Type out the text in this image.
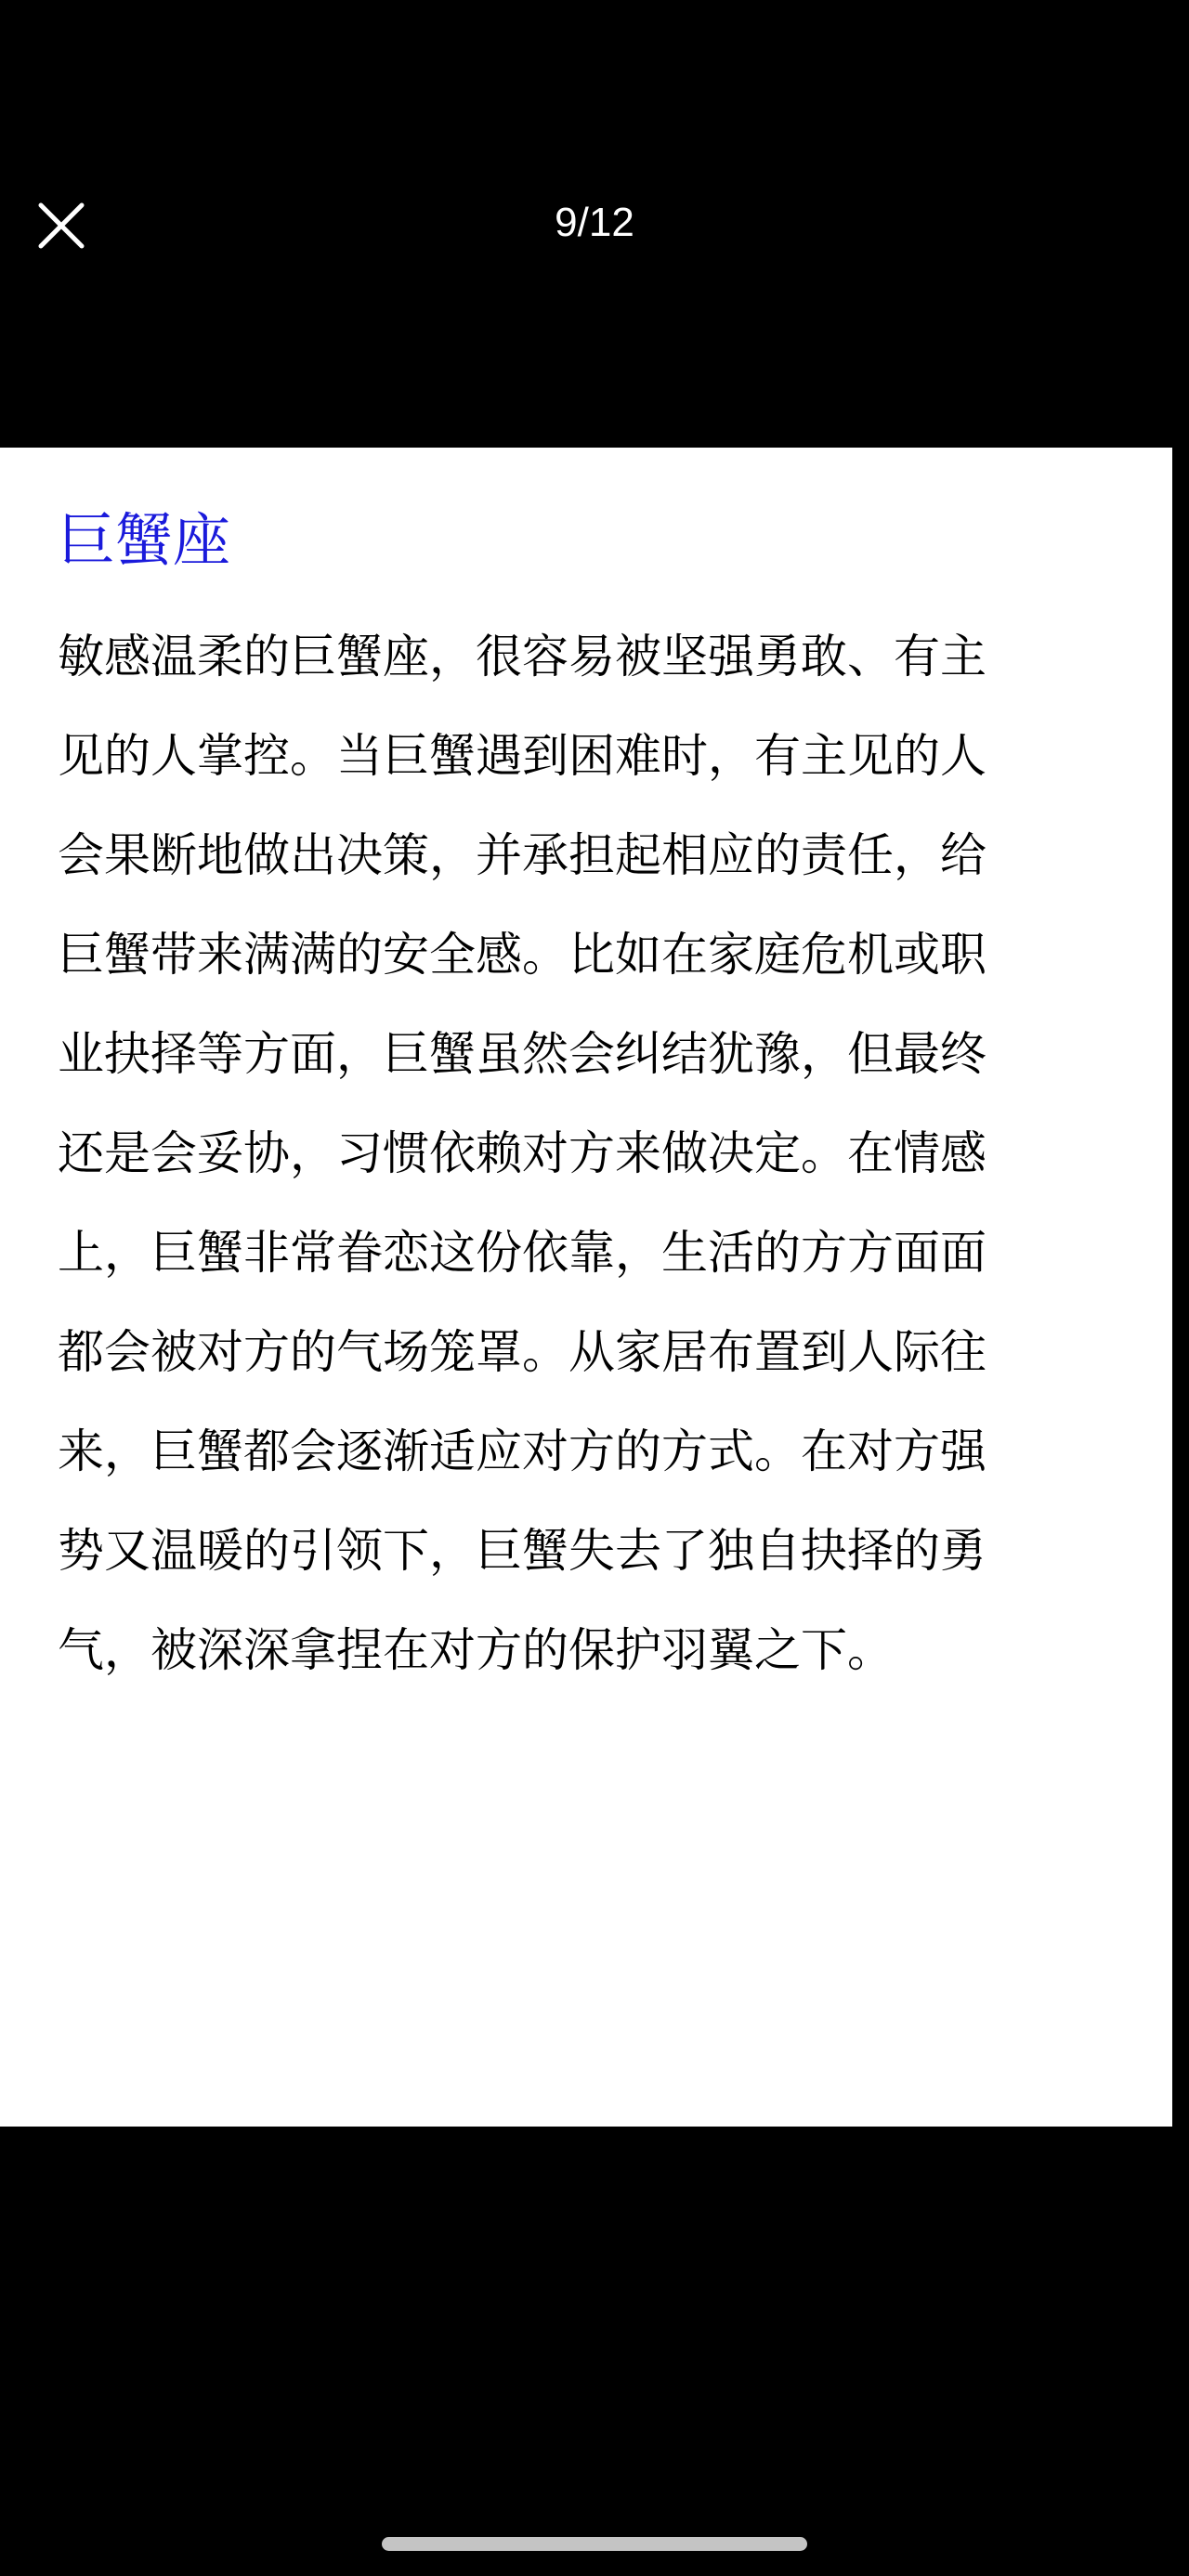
9/12
巨蟹座
敏感温柔的巨蟹座，很容易被坚强勇敢、有主
见的人掌控。当巨蟹遇到困难时，有主见的人
会果断地做出决策，并承担起相应的责任，给
巨蟹带来满满的安全感。比如在家庭危机或职
业抉择等方面，巨蟹虽然会纠结犹豫，但最终
还是会妥协，习惯依赖对方来做决定。在情感
上，巨蟹非常眷恋这份依靠，生活的方方面面
都会被对方的气场笼罩。从家居布置到人际往
来，巨蟹都会逐渐适应对方的方式。在对方强
势又温暖的引领下，巨蟹失去了独自抉择的勇
气，被深深拿捏在对方的保护羽翼之下。
